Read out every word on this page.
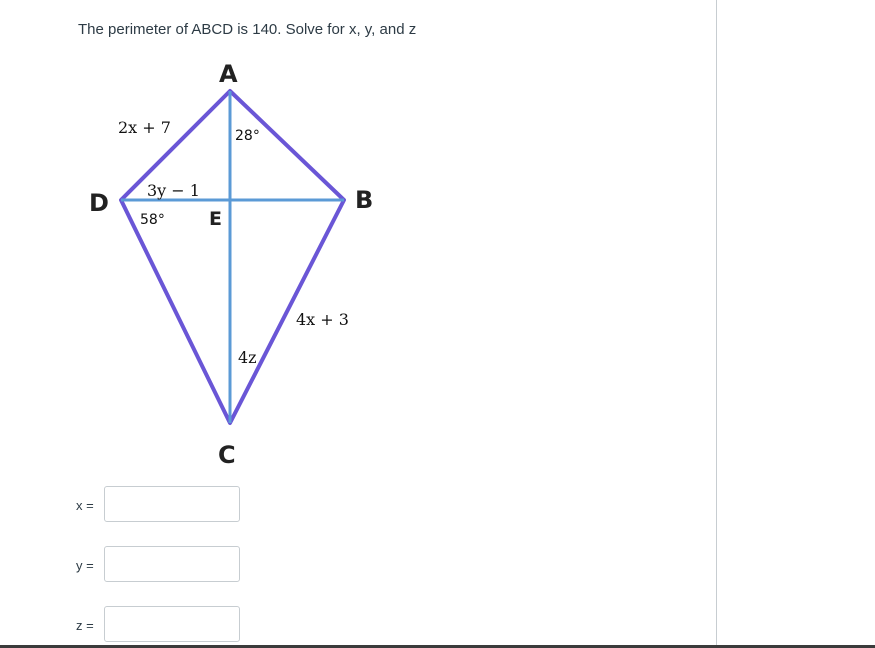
The perimeter of ABCD is 140. Solve for x, y, and z
A
B
C
D
E
2x + 7
3y − 1
4x + 3
4z
28°
58°
x =
y =
z =
